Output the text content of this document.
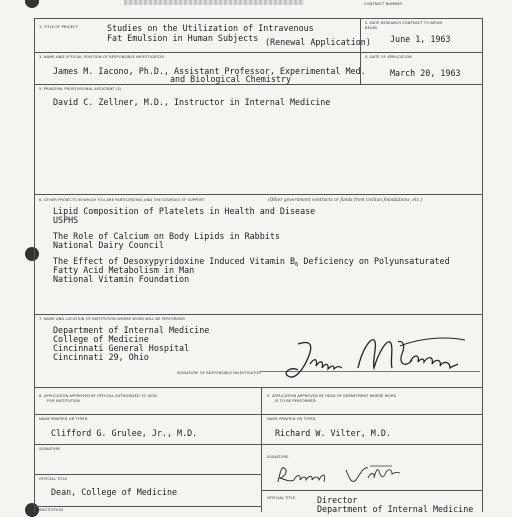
CONTRACT NUMBER
1. TITLE OF PROJECT	Studies on the Utilization of Intravenous
Fat Emulsion in Human Subjects (Renewal Application)
2. DATE RESEARCH CONTRACT TO BEGIN
BEGIN
June 1, 1963
3. NAME AND OFFICIAL POSITION OF RESPONSIBLE INVESTIGATOR
James M. Iacono, Ph.D., Assistant Professor, Experimental Med.
and Biological Chemistry
4. DATE OF APPLICATION
March 20, 1963
5. PRINCIPAL PROFESSIONAL ASSISTANT (S)
David C. Zellner, M.D., Instructor in Internal Medicine
6. OTHER PROJECTS IN WHICH YOU ARE PARTICIPATING AND THE SOURCES OF SUPPORT	(Other government contracts or funds from civilian foundations, etc.)
Lipid Composition of Platelets in Health and Disease
USPHS
The Role of Calcium on Body Lipids in Rabbits
National Dairy Council
The Effect of Desoxypyridoxine Induced Vitamin $B_6$ Deficiency on Polyunsaturated
Fatty Acid Metabolism in Man
National Vitamin Foundation
7. NAME AND LOCATION OF INSTITUTION WHERE WORK WILL BE PERFORMED
Department of Internal Medicine
College of Medicine
Cincinnati General Hospital
Cincinnati 29, Ohio
SIGNATURE OF RESPONSIBLE INVESTIGATOR
8. APPLICATION APPROVED BY OFFICIAL AUTHORIZED TO SIGN
FOR INSTITUTION
NAME PRINTED OR TYPED
Clifford G. Grulee, Jr., M.D.
SIGNATURE
OFFICIAL TITLE
Dean, College of Medicine
INSTITUTION
9. APPLICATION APPROVED BY HEAD OF DEPARTMENT WHERE WORK
IS TO BE PERFORMED
NAME PRINTED OR TYPED
Richard W. Vilter, M.D.
SIGNATURE
OFFICIAL TITLE	Director
Department of Internal Medicine
